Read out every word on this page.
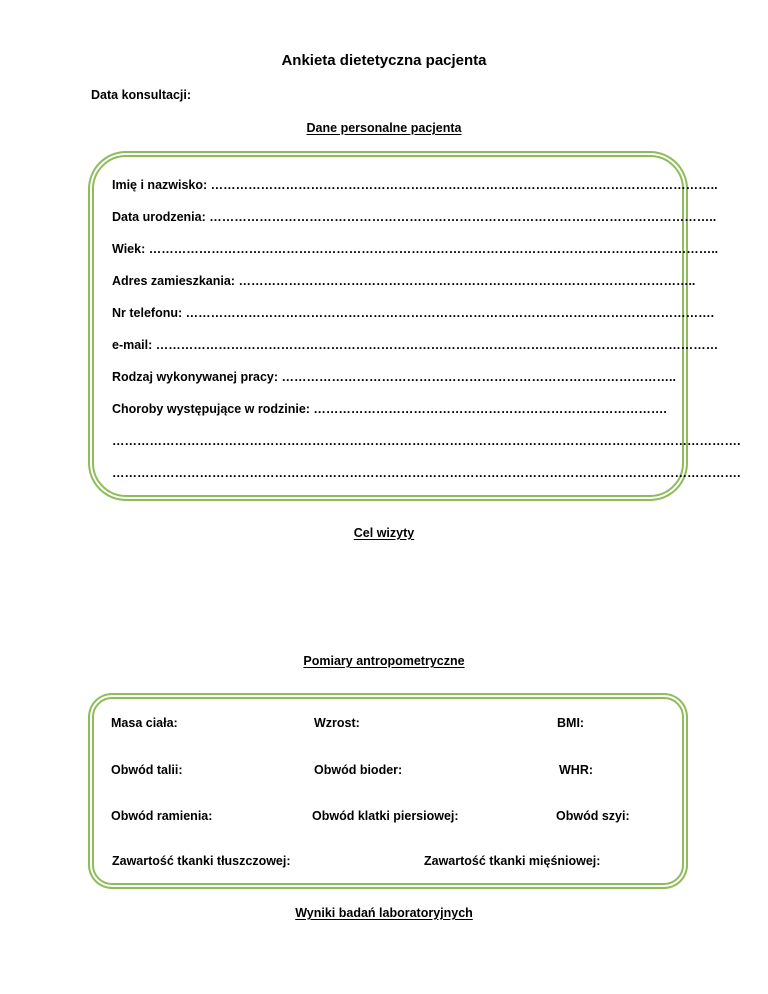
Ankieta dietetyczna pacjenta
Data konsultacji:
Dane personalne pacjenta
Imię i nazwisko: …………………………………………………………………………………………………………..
Data urodzenia: …………………………………………………………………………………………………………..
Wiek: ………………………………………………………………………………………………………………………..
Adres zamieszkania: ………………………………………………………………………………………………..
Nr telefonu: ……………………………………………………………………………………………………………….
e-mail: ………………………………………………………………………………………………………………………
Rodzaj wykonywanej pracy: …………………………………………………………………………………..
Choroby występujące w rodzinie: ………………………………………………………………………….
…………………………………………………………………………………………………………………………………….
…………………………………………………………………………………………………………………………………….
Cel wizyty
Pomiary antropometryczne
Masa ciała:	Wzrost:	BMI:
Obwód talii:	Obwód bioder:	WHR:
Obwód ramienia:	Obwód klatki piersiowej:	Obwód szyi:
Zawartość tkanki tłuszczowej:	Zawartość tkanki mięśniowej:
Wyniki badań laboratoryjnych
